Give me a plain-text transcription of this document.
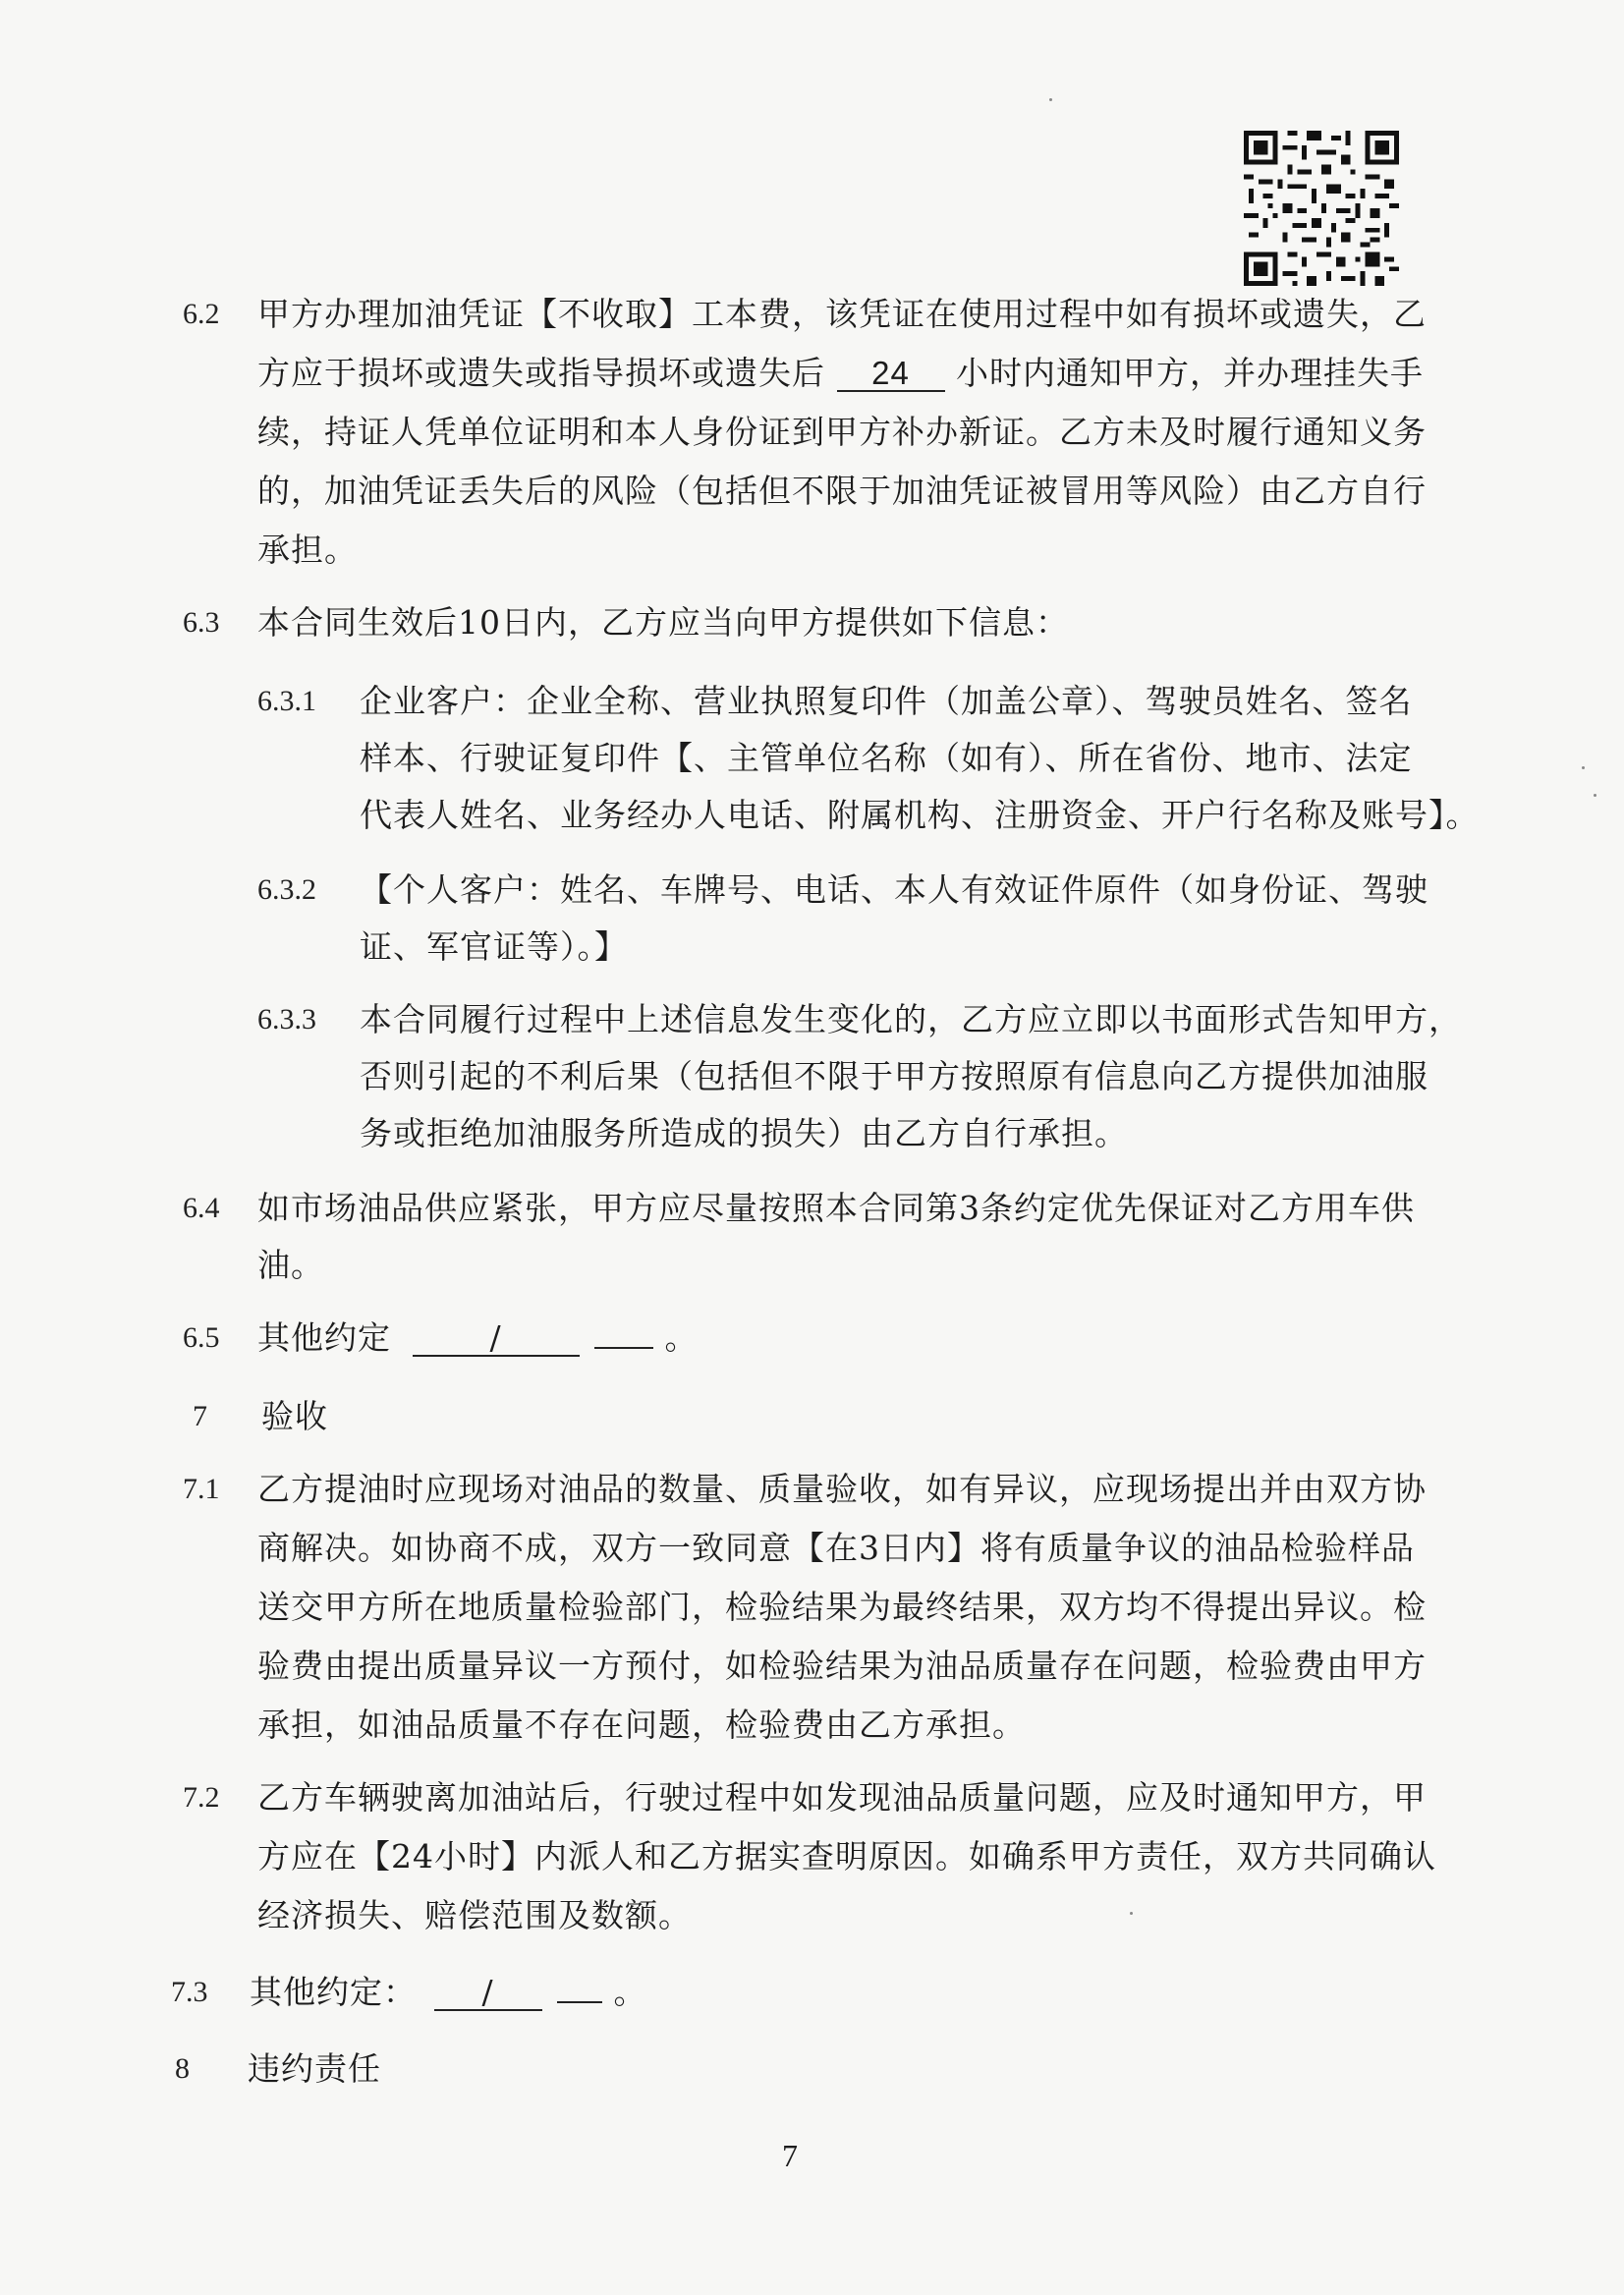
6.2 甲方办理加油凭证【不收取】工本费，该凭证在使用过程中如有损坏或遗失，乙
方应于损坏或遗失或指导损坏或遗失后 24 小时内通知甲方，并办理挂失手
续，持证人凭单位证明和本人身份证到甲方补办新证。乙方未及时履行通知义务
的，加油凭证丢失后的风险（包括但不限于加油凭证被冒用等风险）由乙方自行
承担。
6.3 本合同生效后10日内，乙方应当向甲方提供如下信息：
6.3.1 企业客户：企业全称、营业执照复印件（加盖公章）、驾驶员姓名、签名
样本、行驶证复印件【、主管单位名称（如有）、所在省份、地市、法定
代表人姓名、业务经办人电话、附属机构、注册资金、开户行名称及账号】。
6.3.2 【个人客户：姓名、车牌号、电话、本人有效证件原件（如身份证、驾驶
证、军官证等）。】
6.3.3 本合同履行过程中上述信息发生变化的，乙方应立即以书面形式告知甲方，
否则引起的不利后果（包括但不限于甲方按照原有信息向乙方提供加油服
务或拒绝加油服务所造成的损失）由乙方自行承担。
6.4 如市场油品供应紧张，甲方应尽量按照本合同第3条约定优先保证对乙方用车供
油。
6.5 其他约定	/	。
7 验收
7.1 乙方提油时应现场对油品的数量、质量验收，如有异议，应现场提出并由双方协
商解决。如协商不成，双方一致同意【在3日内】将有质量争议的油品检验样品
送交甲方所在地质量检验部门，检验结果为最终结果，双方均不得提出异议。检
验费由提出质量异议一方预付，如检验结果为油品质量存在问题，检验费由甲方
承担，如油品质量不存在问题，检验费由乙方承担。
7.2 乙方车辆驶离加油站后，行驶过程中如发现油品质量问题，应及时通知甲方，甲
方应在【24小时】内派人和乙方据实查明原因。如确系甲方责任，双方共同确认
经济损失、赔偿范围及数额。
7.3 其他约定： /	。
8 违约责任
7
